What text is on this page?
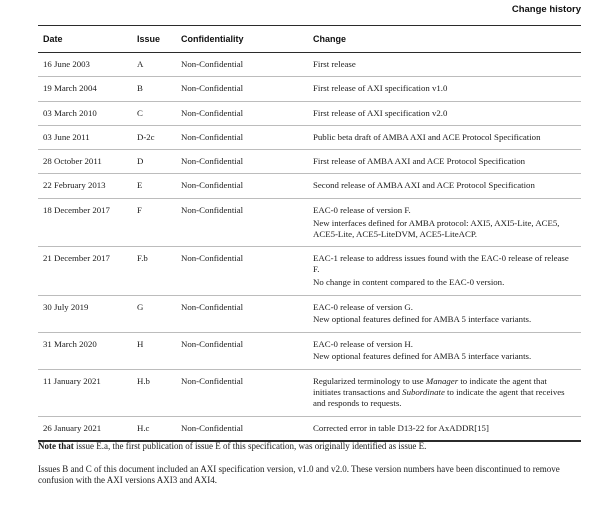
Change history
Date	Issue	Confidentiality	Change
16 June 2003	A	Non-Confidential	First release

19 March 2004	B	Non-Confidential	First release of AXI specification v1.0

03 March 2010	C	Non-Confidential	First release of AXI specification v2.0

03 June 2011	D-2c	Non-Confidential	Public beta draft of AMBA AXI and ACE Protocol Specification

28 October 2011	D	Non-Confidential	First release of AMBA AXI and ACE Protocol Specification

22 February 2013	E	Non-Confidential	Second release of AMBA AXI and ACE Protocol Specification

18 December 2017	F	Non-Confidential	EAC-0 release of version F.

New interfaces defined for AMBA protocol: AXI5, AXI5-Lite, ACE5, ACE5-Lite, ACE5-LiteDVM, ACE5-LiteACP.

21 December 2017	F.b	Non-Confidential	EAC-1 release to address issues found with the EAC-0 release of release F.

No change in content compared to the EAC-0 version.

30 July 2019	G	Non-Confidential	EAC-0 release of version G.

New optional features defined for AMBA 5 interface variants.

31 March 2020	H	Non-Confidential	EAC-0 release of version H.

New optional features defined for AMBA 5 interface variants.

11 January 2021	H.b	Non-Confidential	Regularized terminology to use Manager to indicate the agent that initiates transactions and Subordinate to indicate the agent that receives and responds to requests.

26 January 2021	H.c	Non-Confidential	Corrected error in table D13-22 for AxADDR[15]

Note that issue E.a, the first publication of issue E of this specification, was originally identified as issue E.

Issues B and C of this document included an AXI specification version, v1.0 and v2.0. These version numbers have been discontinued to remove confusion with the AXI versions AXI3 and AXI4.
